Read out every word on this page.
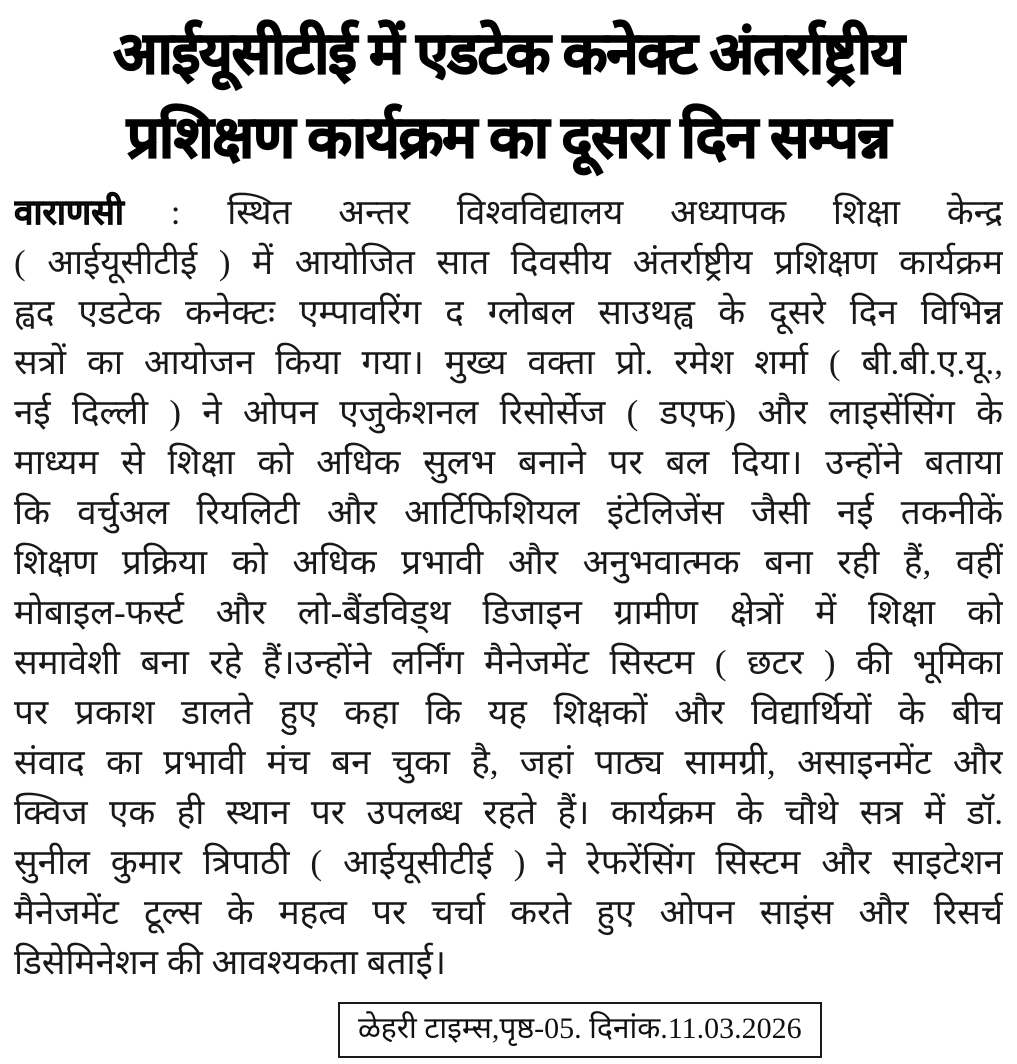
आईयूसीटीई में एडटेक कनेक्ट अंतर्राष्ट्रीय
प्रशिक्षण कार्यक्रम का दूसरा दिन सम्पन्न
वाराणसी : स्थित अन्तर विश्वविद्यालय अध्यापक शिक्षा केन्द्र
( आईयूसीटीई ) में आयोजित सात दिवसीय अंतर्राष्ट्रीय प्रशिक्षण कार्यक्रम
ह्वद एडटेक कनेक्टः एम्पावरिंग द ग्लोबल साउथह्व के दूसरे दिन विभिन्न
सत्रों का आयोजन किया गया। मुख्य वक्ता प्रो. रमेश शर्मा ( बी.बी.ए.यू.,
नई दिल्ली ) ने ओपन एजुकेशनल रिसोर्सेज ( डएफ) और लाइसेंसिंग के
माध्यम से शिक्षा को अधिक सुलभ बनाने पर बल दिया। उन्होंने बताया
कि वर्चुअल रियलिटी और आर्टिफिशियल इंटेलिजेंस जैसी नई तकनीकें
शिक्षण प्रक्रिया को अधिक प्रभावी और अनुभवात्मक बना रही हैं, वहीं
मोबाइल-फर्स्ट और लो-बैंडविड्थ डिजाइन ग्रामीण क्षेत्रों में शिक्षा को
समावेशी बना रहे हैं।उन्होंने लर्निंग मैनेजमेंट सिस्टम ( छटर ) की भूमिका
पर प्रकाश डालते हुए कहा कि यह शिक्षकों और विद्यार्थियों के बीच
संवाद का प्रभावी मंच बन चुका है, जहां पाठ्य सामग्री, असाइनमेंट और
क्विज एक ही स्थान पर उपलब्ध रहते हैं। कार्यक्रम के चौथे सत्र में डॉ.
सुनील कुमार त्रिपाठी ( आईयूसीटीई ) ने रेफरेंसिंग सिस्टम और साइटेशन
मैनेजमेंट टूल्स के महत्व पर चर्चा करते हुए ओपन साइंस और रिसर्च
डिसेमिनेशन की आवश्यकता बताई।
ळेहरी टाइम्स,पृष्ठ-05. दिनांक.11.03.2026
